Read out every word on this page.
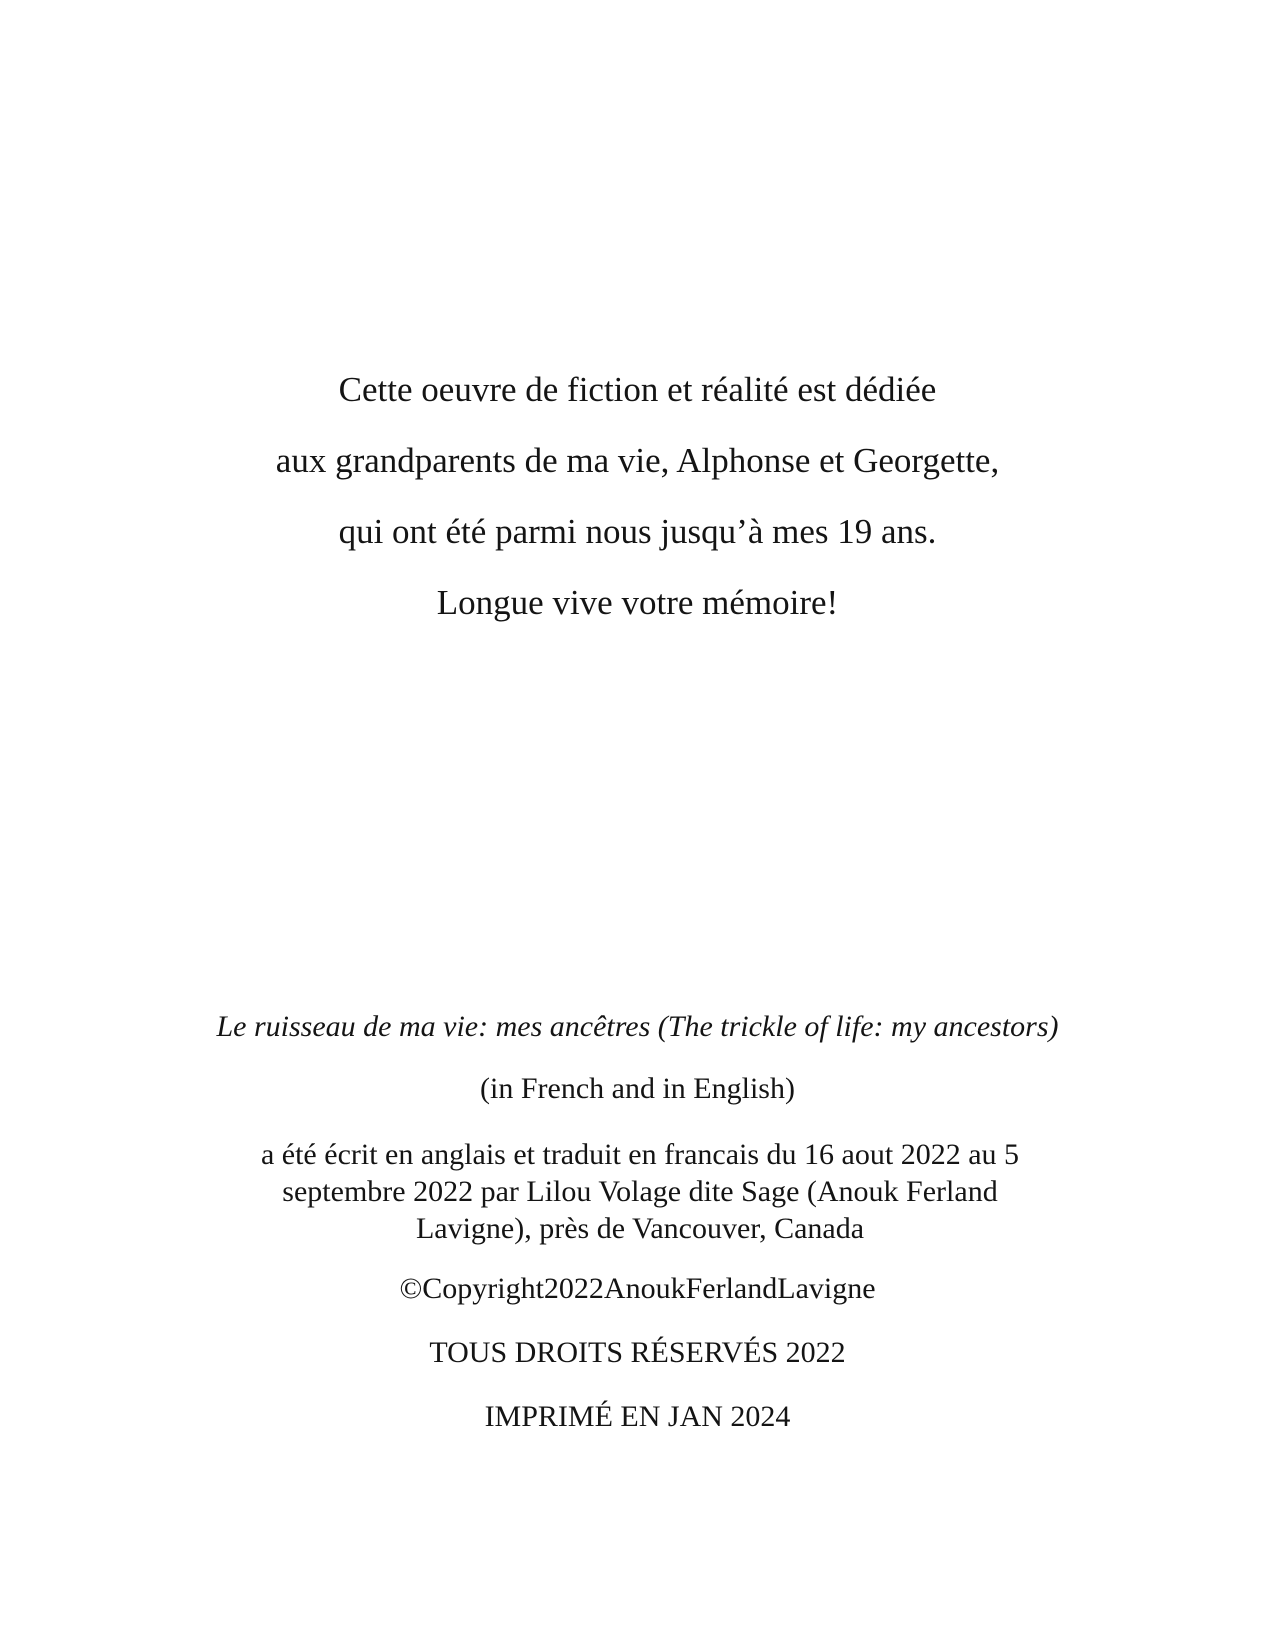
Cette oeuvre de fiction et réalité est dédiée
aux grandparents de ma vie, Alphonse et Georgette,
qui ont été parmi nous jusqu’à mes 19 ans.
Longue vive votre mémoire!
Le ruisseau de ma vie: mes ancêtres (The trickle of life: my ancestors)
(in French and in English)
a été écrit en anglais et traduit en francais du 16 aout 2022 au 5
septembre 2022 par Lilou Volage dite Sage (Anouk Ferland
Lavigne), près de Vancouver, Canada
©Copyright2022AnoukFerlandLavigne
TOUS DROITS RÉSERVÉS 2022
IMPRIMÉ EN JAN 2024
